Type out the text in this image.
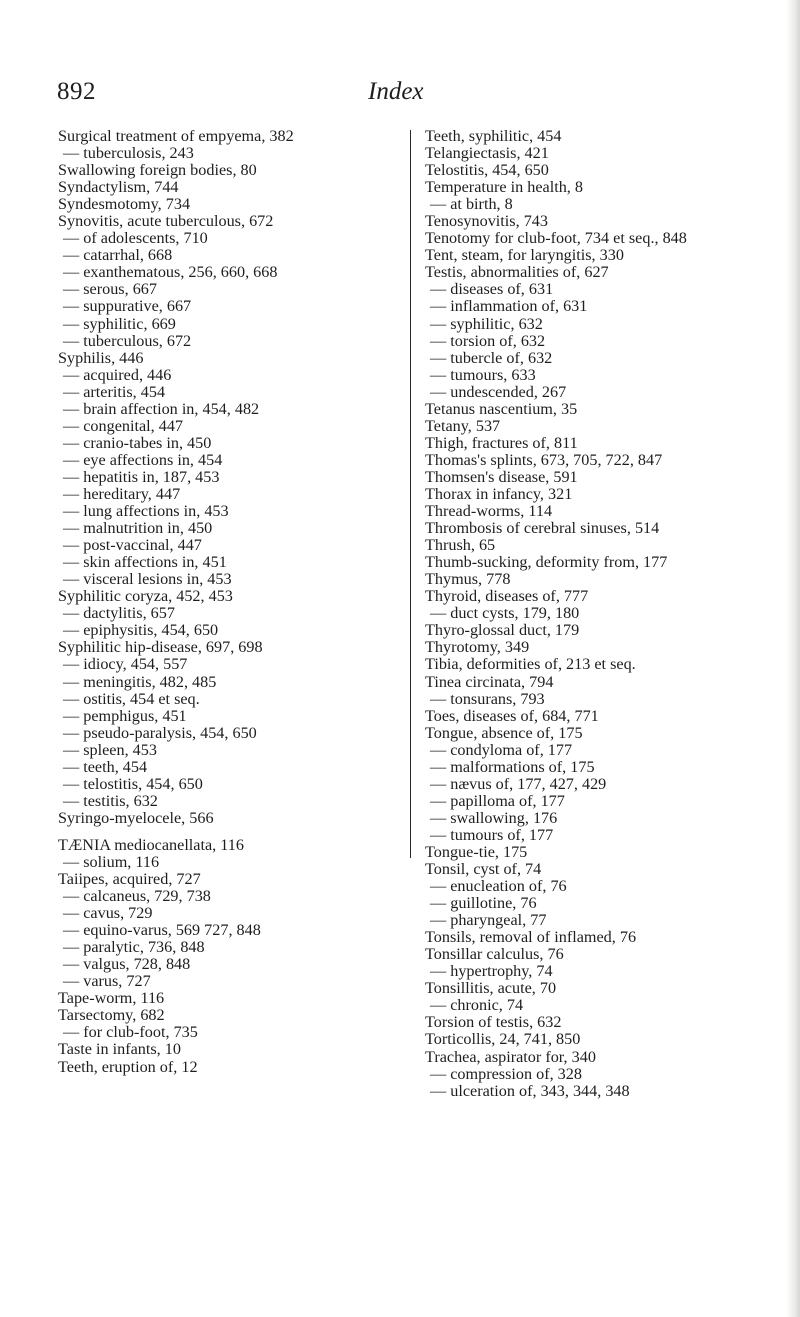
892	Index
Surgical treatment of empyema, 382
— tuberculosis, 243
Swallowing foreign bodies, 80
Syndactylism, 744
Syndesmotomy, 734
Synovitis, acute tuberculous, 672
— of adolescents, 710
— catarrhal, 668
— exanthematous, 256, 660, 668
— serous, 667
— suppurative, 667
— syphilitic, 669
— tuberculous, 672
Syphilis, 446
— acquired, 446
— arteritis, 454
— brain affection in, 454, 482
— congenital, 447
— cranio-tabes in, 450
— eye affections in, 454
— hepatitis in, 187, 453
— hereditary, 447
— lung affections in, 453
— malnutrition in, 450
— post-vaccinal, 447
— skin affections in, 451
— visceral lesions in, 453
Syphilitic coryza, 452, 453
— dactylitis, 657
— epiphysitis, 454, 650
Syphilitic hip-disease, 697, 698
— idiocy, 454, 557
— meningitis, 482, 485
— ostitis, 454 et seq.
— pemphigus, 451
— pseudo-paralysis, 454, 650
— spleen, 453
— teeth, 454
— telostitis, 454, 650
— testitis, 632
Syringo-myelocele, 566
TÆNIA mediocanellata, 116
— solium, 116
Taiipes, acquired, 727
— calcaneus, 729, 738
— cavus, 729
— equino-varus, 569 727, 848
— paralytic, 736, 848
— valgus, 728, 848
— varus, 727
Tape-worm, 116
Tarsectomy, 682
— for club-foot, 735
Taste in infants, 10
Teeth, eruption of, 12
Teeth, syphilitic, 454
Telangiectasis, 421
Telostitis, 454, 650
Temperature in health, 8
— at birth, 8
Tenosynovitis, 743
Tenotomy for club-foot, 734 et seq., 848
Tent, steam, for laryngitis, 330
Testis, abnormalities of, 627
— diseases of, 631
— inflammation of, 631
— syphilitic, 632
— torsion of, 632
— tubercle of, 632
— tumours, 633
— undescended, 267
Tetanus nascentium, 35
Tetany, 537
Thigh, fractures of, 811
Thomas's splints, 673, 705, 722, 847
Thomsen's disease, 591
Thorax in infancy, 321
Thread-worms, 114
Thrombosis of cerebral sinuses, 514
Thrush, 65
Thumb-sucking, deformity from, 177
Thymus, 778
Thyroid, diseases of, 777
— duct cysts, 179, 180
Thyro-glossal duct, 179
Thyrotomy, 349
Tibia, deformities of, 213 et seq.
Tinea circinata, 794
— tonsurans, 793
Toes, diseases of, 684, 771
Tongue, absence of, 175
— condyloma of, 177
— malformations of, 175
— nævus of, 177, 427, 429
— papilloma of, 177
— swallowing, 176
— tumours of, 177
Tongue-tie, 175
Tonsil, cyst of, 74
— enucleation of, 76
— guillotine, 76
— pharyngeal, 77
Tonsils, removal of inflamed, 76
Tonsillar calculus, 76
— hypertrophy, 74
Tonsillitis, acute, 70
— chronic, 74
Torsion of testis, 632
Torticollis, 24, 741, 850
Trachea, aspirator for, 340
— compression of, 328
— ulceration of, 343, 344, 348
